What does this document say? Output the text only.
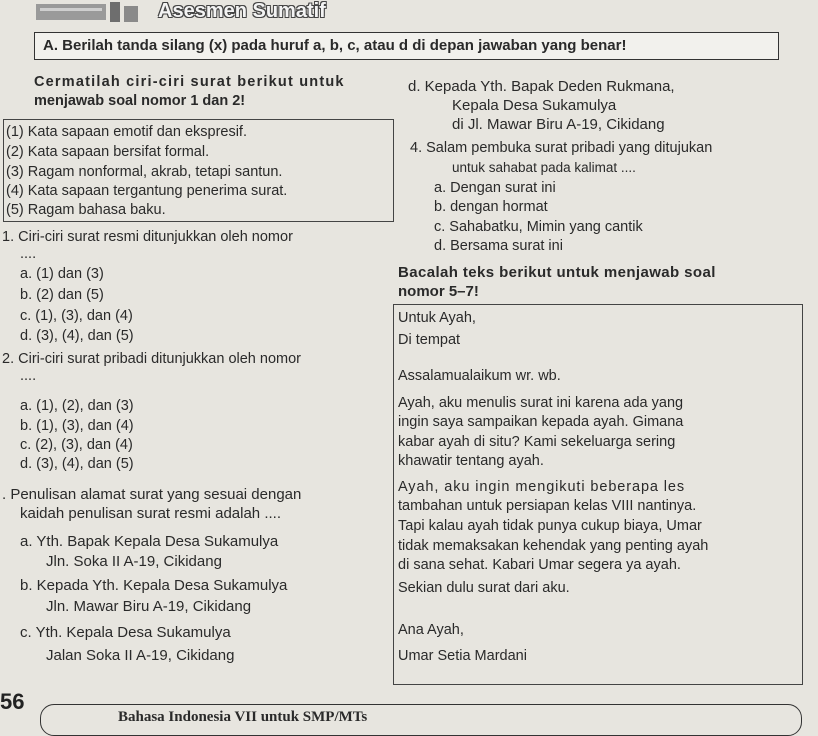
Asesmen Sumatif
A. Berilah tanda silang (x) pada huruf a, b, c, atau d di depan jawaban yang benar!
Cermatilah ciri-ciri surat berikut untuk
menjawab soal nomor 1 dan 2!
(1) Kata sapaan emotif dan ekspresif.
(2) Kata sapaan bersifat formal.
(3) Ragam nonformal, akrab, tetapi santun.
(4) Kata sapaan tergantung penerima surat.
(5) Ragam bahasa baku.
1. Ciri-ciri surat resmi ditunjukkan oleh nomor
....
a. (1) dan (3)
b. (2) dan (5)
c. (1), (3), dan (4)
d. (3), (4), dan (5)
2. Ciri-ciri surat pribadi ditunjukkan oleh nomor
....
a. (1), (2), dan (3)
b. (1), (3), dan (4)
c. (2), (3), dan (4)
d. (3), (4), dan (5)
. Penulisan alamat surat yang sesuai dengan
kaidah penulisan surat resmi adalah ....
a. Yth. Bapak Kepala Desa Sukamulya
Jln. Soka II A-19, Cikidang
b. Kepada Yth. Kepala Desa Sukamulya
Jln. Mawar Biru A-19, Cikidang
c. Yth. Kepala Desa Sukamulya
Jalan Soka II A-19, Cikidang
d. Kepada Yth. Bapak Deden Rukmana,
Kepala Desa Sukamulya
di Jl. Mawar Biru A-19, Cikidang
4. Salam pembuka surat pribadi yang ditujukan
untuk sahabat pada kalimat ....
a. Dengan surat ini
b. dengan hormat
c. Sahabatku, Mimin yang cantik
d. Bersama surat ini
Bacalah teks berikut untuk menjawab soal
nomor 5–7!
Untuk Ayah,
Di tempat
Assalamualaikum wr. wb.
Ayah, aku menulis surat ini karena ada yang
ingin saya sampaikan kepada ayah. Gimana
kabar ayah di situ? Kami sekeluarga sering
khawatir tentang ayah.
Ayah, aku ingin mengikuti beberapa les
tambahan untuk persiapan kelas VIII nantinya.
Tapi kalau ayah tidak punya cukup biaya, Umar
tidak memaksakan kehendak yang penting ayah
di sana sehat. Kabari Umar segera ya ayah.
Sekian dulu surat dari aku.
Ana Ayah,
Umar Setia Mardani
56
Bahasa Indonesia VII untuk SMP/MTs
